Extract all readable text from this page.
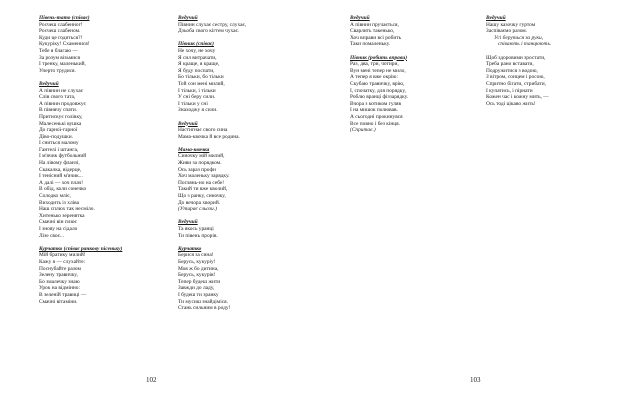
Півень-тато (співає)
Росчеш слабенног!
Росчеш слабеном.
Куди це годиться?!
Кукуріку! Схаменися!
Тебе я благаю —
За розум візьмися
І тренку, маленький,
Уперто трудися.
Ведучий
А півнин не слухає
Слів свого тата,
А півнин продовжує
В півнячу спати.
Притискує голівку,
Малесенькі вушка
До гарної-гарної
Діво-подушки.
І сниться малому
Гантелі і штанга,
І м'ячик футбольний
На лівому фланзі,
Скакалка, відерце,
І тенісний м'ячик...
А далі — хоч плач!
В обід, коли сонечко
Солодко мліє,
Виходить із хліва
Наш сплюх так несміло.
Хитенько зеренятка
Смачні він плює
І знову на сідало
Лізе своє...
Курчатко (співає ранкову пісеньку)
Мій братику милий!
Кажу я — слухайте:
Поснубайте разом
Зелену травичку,
Бо змалечку знаю
Урок на відмінно:
В зеленій травиці —
Смачні вітаміни.
Ведучий
Півнин слухає сестру, слухає,
Дзьоба свого кігтем чухає.
Півник (співає)
Не хочу, не хочу
Я сил витрачати,
Я краще, я краще,
Я буду поспати,
Бо тільки, бо тільки
Той сон мені милий,
І тільки, і тільки
У сні беру сили.
І тільки у сні
Знаходжу я сили.
Ведучий
Настигнає свого сина
Мама-квочка й все родина.
Мама-квочка
Синочку мій милий,
Живи за порядком.
Ось зараз профи
Хоч маленьку зарядку.
Поглянь-но на себе!
Такий ти вже кволий,
Що з ранку, синочку,
До вечора хворий.
(Утирає сльози.)
Ведучий
Та якось уранці
Ти півень прорів.
Курчатко
Берися за сина!
Берусь, кукуріу!
Моя ж бо дитина,
Берусь, кукурів!
Тепер будеш жити
Завжди до ладу,
І будеш ти зранку
Ти мусиш знайдіміся.
Стань сильним в роду!
Ведучий
А півнин пручається,
Сварлить такенько,
Хоч вправи всі робить
Таки помаленьку.
Півник (робить вправи)
Раз, два, три, чотири,
Вун мені тепер не мило,
А тепер я вже окрію:
Скубаю травичку, врію,
І, спочатку, для порядку,
Роблю вранці фіззарядку.
Вчора з котиком гуляв
І на мишок полював.
А сьогодні прокинувся
Все повно і без кінця.
(Спритає.)
Ведучий
Нашу казочку гуртом
Заспіваємо разом.
Усі беруться за руки,
співають і танцюють.
Щоб здоровими зростати,
Треба рано вставати,
Подружитися з водою,
З вітром, сонцем і росою,
Спритно бігати, стрибати,
І купатись, і пірнати
Кожен час і кожну мить, —
Ось тоді цікаво жить!
102	103
